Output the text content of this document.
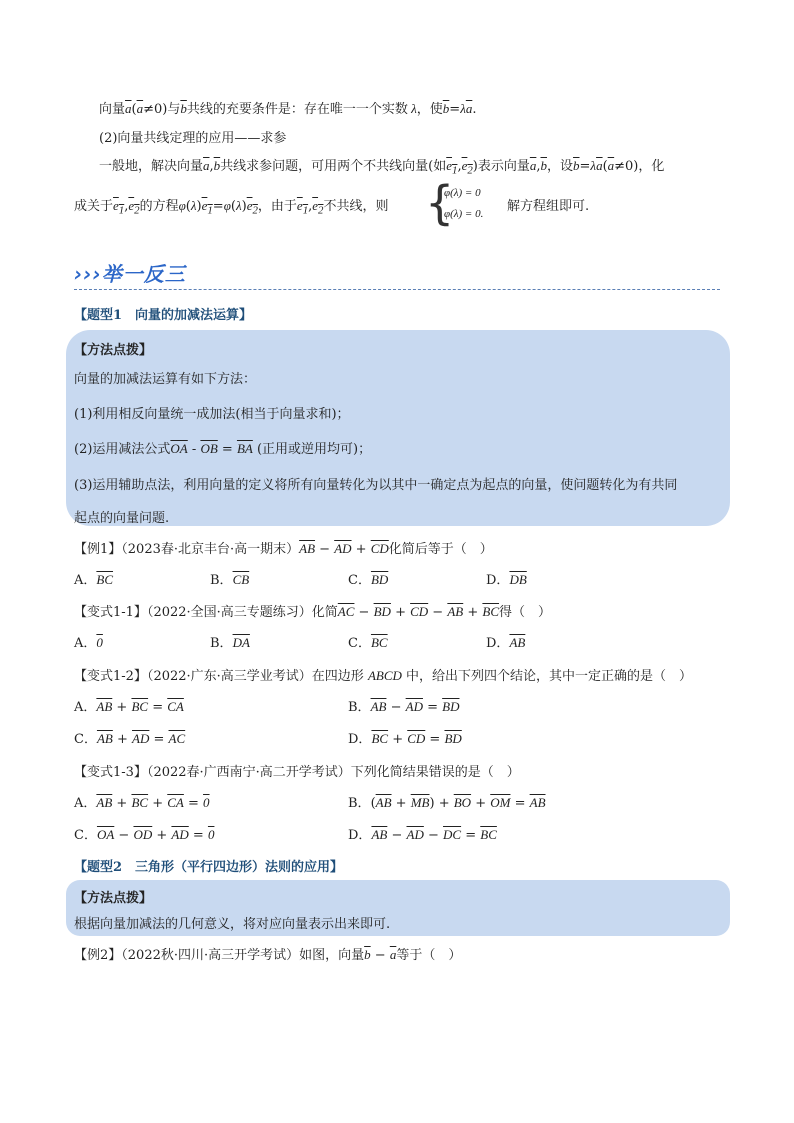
向量$\overline{a}(\overline{a}\ne 0)$与$\overline{b}$共线的充要条件是：存在唯一一个实数 λ，使$\overline{b}=\lambda\overline{a}$.
(2)向量共线定理的应用——求参
一般地，解决向量$\overline{a},\overline{b}$共线求参问题，可用两个不共线向量(如$e_1,e_2$)表示向量$\overline{a},\overline{b}$，设$\overline{b}=\lambda\overline{a}(\overline{a}\ne 0)$，化
成关于$e_1,e_2$的方程$\varphi(\lambda)e_1=\varphi(\lambda)e_2$，由于$e_1,e_2$不共线，则 {
φ(λ) = 0
φ(λ) = 0. 解方程组即可.
›››举一反三
【题型1　向量的加减法运算】
【方法点拨】
向量的加减法运算有如下方法：
(1)利用相反向量统一成加法(相当于向量求和)；
(2)运用减法公式$\overline{OA} - \overline{OB} = \overline{BA}$ (正用或逆用均可)；
(3)运用辅助点法，利用向量的定义将所有向量转化为以其中一确定点为起点的向量，使问题转化为有共同
起点的向量问题.
【例1】（2023春·北京丰台·高一期末）$\overline{AB} - \overline{AD} + \overline{CD}$化简后等于（　）
A．$\overline{BC}$	B．$\overline{CB}$	C．$\overline{BD}$	D．$\overline{DB}$
【变式1-1】（2022·全国·高三专题练习）化简$\overline{AC} - \overline{BD} + \overline{CD} - \overline{AB} + \overline{BC}$得（　）
A．0	B．$\overline{DA}$	C．$\overline{BC}$	D．$\overline{AB}$
【变式1-2】（2022·广东·高三学业考试）在四边形 ABCD 中，给出下列四个结论，其中一定正确的是（　）
A．$\overline{AB} + \overline{BC} = \overline{CA}$	B．$\overline{AB} - \overline{AD} = \overline{BD}$
C．$\overline{AB} + \overline{AD} = \overline{AC}$	D．$\overline{BC} + \overline{CD} = \overline{BD}$
【变式1-3】（2022春·广西南宁·高二开学考试）下列化简结果错误的是（　）
A．$\overline{AB} + \overline{BC} + \overline{CA} = 0$	B．$(\overline{AB} + \overline{MB}) + \overline{BO} + \overline{OM} = \overline{AB}$
C．$\overline{OA} - \overline{OD} + \overline{AD} = 0$	D．$\overline{AB} - \overline{AD} - \overline{DC} = \overline{BC}$
【题型2　三角形（平行四边形）法则的应用】
【方法点拨】
根据向量加减法的几何意义，将对应向量表示出来即可.
【例2】（2022秋·四川·高三开学考试）如图，向量$\overline{b} - \overline{a}$等于（　）
